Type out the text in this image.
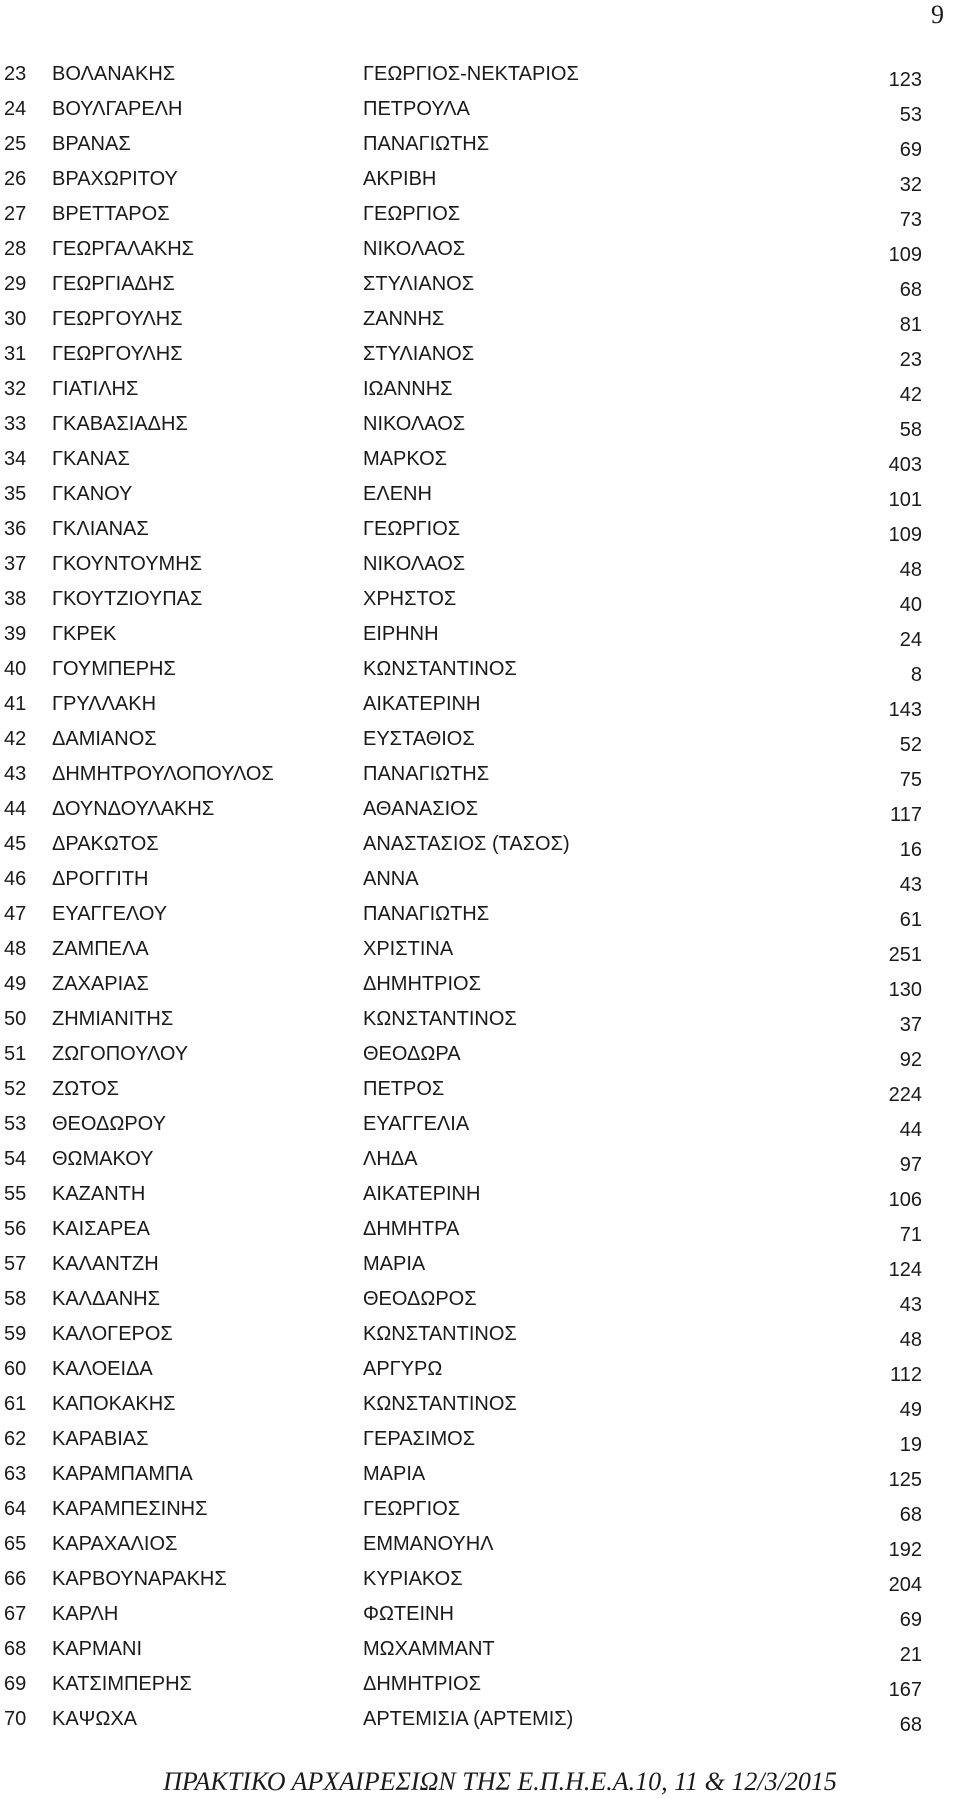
9
23 ΒΟΛΑΝΑΚΗΣ	ΓΕΩΡΓΙΟΣ-ΝΕΚΤΑΡΙΟΣ	123
24 ΒΟΥΛΓΑΡΕΛΗ	ΠΕΤΡΟΥΛΑ	53
25 ΒΡΑΝΑΣ	ΠΑΝΑΓΙΩΤΗΣ	69
26 ΒΡΑΧΩΡΙΤΟΥ	ΑΚΡΙΒΗ	32
27 ΒΡΕΤΤΑΡΟΣ	ΓΕΩΡΓΙΟΣ	73
28 ΓΕΩΡΓΑΛΑΚΗΣ	ΝΙΚΟΛΑΟΣ	109
29 ΓΕΩΡΓΙΑΔΗΣ	ΣΤΥΛΙΑΝΟΣ	68
30 ΓΕΩΡΓΟΥΛΗΣ	ΖΑΝΝΗΣ	81
31 ΓΕΩΡΓΟΥΛΗΣ	ΣΤΥΛΙΑΝΟΣ	23
32 ΓΙΑΤΙΛΗΣ	ΙΩΑΝΝΗΣ	42
33 ΓΚΑΒΑΣΙΑΔΗΣ	ΝΙΚΟΛΑΟΣ	58
34 ΓΚΑΝΑΣ	ΜΑΡΚΟΣ	403
35 ΓΚΑΝΟΥ	ΕΛΕΝΗ	101
36 ΓΚΛΙΑΝΑΣ	ΓΕΩΡΓΙΟΣ	109
37 ΓΚΟΥΝΤΟΥΜΗΣ	ΝΙΚΟΛΑΟΣ	48
38 ΓΚΟΥΤΖΙΟΥΠΑΣ	ΧΡΗΣΤΟΣ	40
39 ΓΚΡΕΚ	ΕΙΡΗΝΗ	24
40 ΓΟΥΜΠΕΡΗΣ	ΚΩΝΣΤΑΝΤΙΝΟΣ	8
41 ΓΡΥΛΛΑΚΗ	ΑΙΚΑΤΕΡΙΝΗ	143
42 ΔΑΜΙΑΝΟΣ	ΕΥΣΤΑΘΙΟΣ	52
43 ΔΗΜΗΤΡΟΥΛΟΠΟΥΛΟΣ	ΠΑΝΑΓΙΩΤΗΣ	75
44 ΔΟΥΝΔΟΥΛΑΚΗΣ	ΑΘΑΝΑΣΙΟΣ	117
45 ΔΡΑΚΩΤΟΣ	ΑΝΑΣΤΑΣΙΟΣ (ΤΑΣΟΣ)	16
46 ΔΡΟΓΓΙΤΗ	ΑΝΝΑ	43
47 ΕΥΑΓΓΕΛΟΥ	ΠΑΝΑΓΙΩΤΗΣ	61
48 ΖΑΜΠΕΛΑ	ΧΡΙΣΤΙΝΑ	251
49 ΖΑΧΑΡΙΑΣ	ΔΗΜΗΤΡΙΟΣ	130
50 ΖΗΜΙΑΝΙΤΗΣ	ΚΩΝΣΤΑΝΤΙΝΟΣ	37
51 ΖΩΓΟΠΟΥΛΟΥ	ΘΕΟΔΩΡΑ	92
52 ΖΩΤΟΣ	ΠΕΤΡΟΣ	224
53 ΘΕΟΔΩΡΟΥ	ΕΥΑΓΓΕΛΙΑ	44
54 ΘΩΜΑΚΟΥ	ΛΗΔΑ	97
55 ΚΑΖΑΝΤΗ	ΑΙΚΑΤΕΡΙΝΗ	106
56 ΚΑΙΣΑΡΕΑ	ΔΗΜΗΤΡΑ	71
57 ΚΑΛΑΝΤΖΗ	ΜΑΡΙΑ	124
58 ΚΑΛΔΑΝΗΣ	ΘΕΟΔΩΡΟΣ	43
59 ΚΑΛΟΓΕΡΟΣ	ΚΩΝΣΤΑΝΤΙΝΟΣ	48
60 ΚΑΛΟΕΙΔΑ	ΑΡΓΥΡΩ	112
61 ΚΑΠΟΚΑΚΗΣ	ΚΩΝΣΤΑΝΤΙΝΟΣ	49
62 ΚΑΡΑΒΙΑΣ	ΓΕΡΑΣΙΜΟΣ	19
63 ΚΑΡΑΜΠΑΜΠΑ	ΜΑΡΙΑ	125
64 ΚΑΡΑΜΠΕΣΙΝΗΣ	ΓΕΩΡΓΙΟΣ	68
65 ΚΑΡΑΧΑΛΙΟΣ	ΕΜΜΑΝΟΥΗΛ	192
66 ΚΑΡΒΟΥΝΑΡΑΚΗΣ	ΚΥΡΙΑΚΟΣ	204
67 ΚΑΡΛΗ	ΦΩΤΕΙΝΗ	69
68 ΚΑΡΜΑΝΙ	ΜΩΧΑΜΜΑΝΤ	21
69 ΚΑΤΣΙΜΠΕΡΗΣ	ΔΗΜΗΤΡΙΟΣ	167
70 ΚΑΨΩΧΑ	ΑΡΤΕΜΙΣΙΑ (ΑΡΤΕΜΙΣ)	68
ΠΡΑΚΤΙΚΟ ΑΡΧΑΙΡΕΣΙΩΝ ΤΗΣ Ε.Π.Η.Ε.Α.10, 11 & 12/3/2015
